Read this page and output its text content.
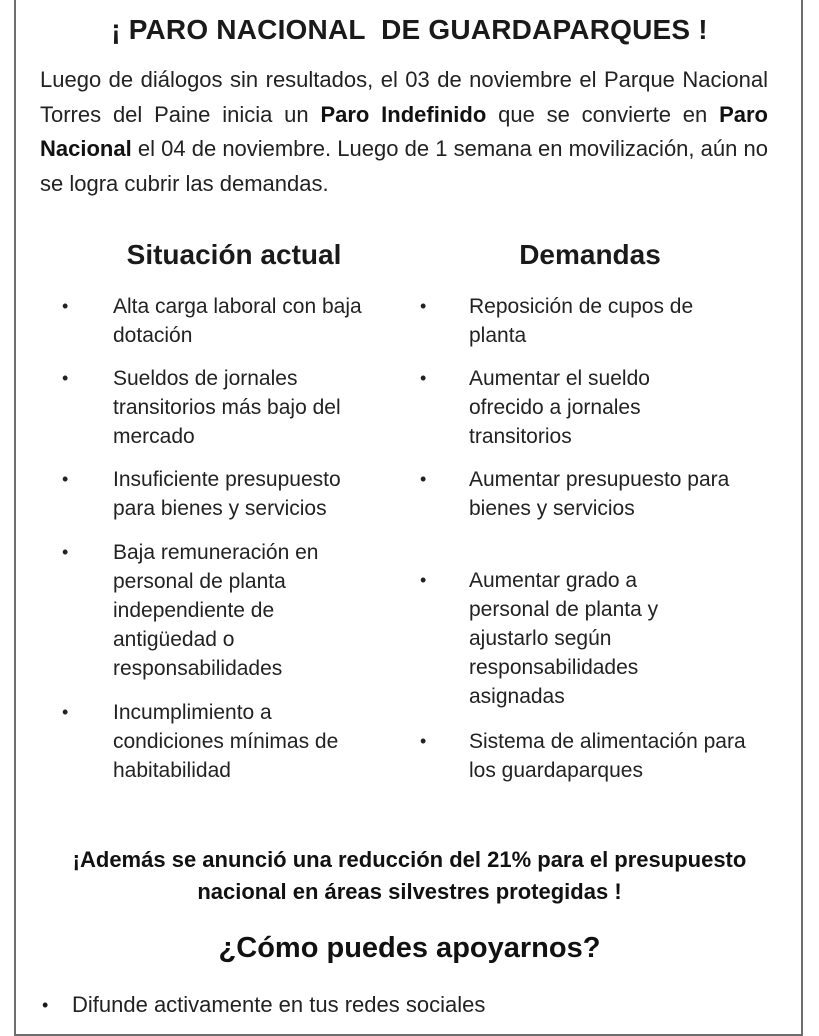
¡ PARO NACIONAL  DE GUARDAPARQUES !
Luego de diálogos sin resultados, el 03 de noviembre el Parque Nacional Torres del Paine inicia un Paro Indefinido que se convierte en Paro Nacional el 04 de noviembre. Luego de 1 semana en movilización, aún no se logra cubrir las demandas.
Situación actual	Demandas
• Alta carga laboral con baja dotación
• Sueldos de jornales transitorios más bajo del mercado
• Insuficiente presupuesto para bienes y servicios
• Baja remuneración en personal de planta independiente de antigüedad o responsabilidades
• Incumplimiento a condiciones mínimas de habitabilidad
• Reposición de cupos de planta
• Aumentar el sueldo ofrecido a jornales transitorios
• Aumentar presupuesto para bienes y servicios
• Aumentar grado a personal de planta y ajustarlo según responsabilidades asignadas
• Sistema de alimentación para los guardaparques
¡Además se anunció una reducción del 21% para el presupuesto nacional en áreas silvestres protegidas !
¿Cómo puedes apoyarnos?
• Difunde activamente en tus redes sociales
